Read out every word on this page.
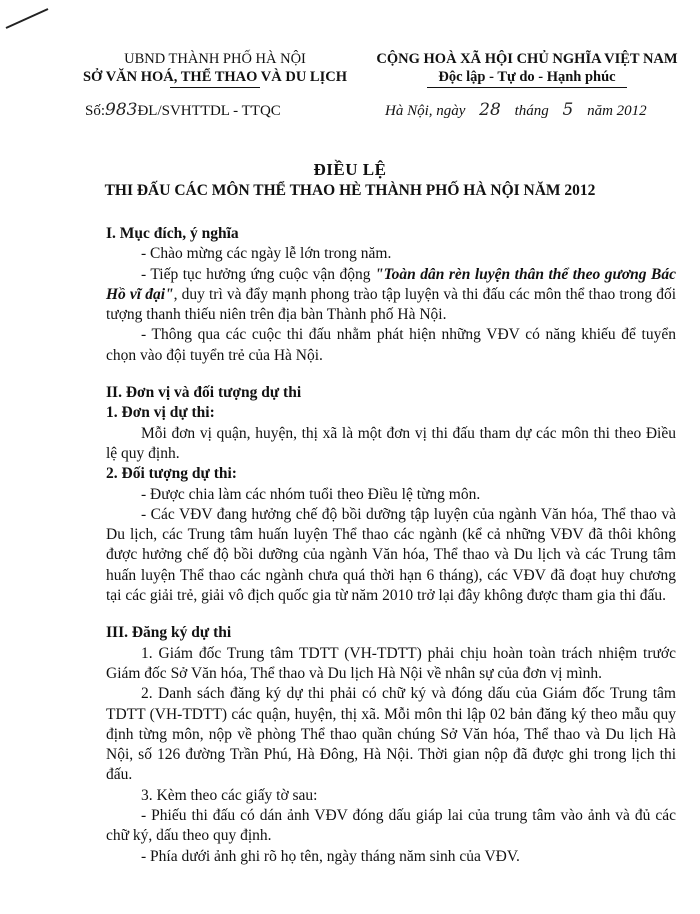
UBND THÀNH PHỐ HÀ NỘI
SỞ VĂN HOÁ, THỂ THAO VÀ DU LỊCH
CỘNG HOÀ XÃ HỘI CHỦ NGHĨA VIỆT NAM
Độc lập - Tự do - Hạnh phúc
Số:983ĐL/SVHTTDL - TTQC	Hà Nội, ngày 28 tháng 5 năm 2012
ĐIỀU LỆ
THI ĐẤU CÁC MÔN THỂ THAO HÈ THÀNH PHỐ HÀ NỘI NĂM 2012

I. Mục đích, ý nghĩa

- Chào mừng các ngày lễ lớn trong năm.

- Tiếp tục hưởng ứng cuộc vận động "Toàn dân rèn luyện thân thể theo gương Bác Hồ vĩ đại", duy trì và đẩy mạnh phong trào tập luyện và thi đấu các môn thể thao trong đối tượng thanh thiếu niên trên địa bàn Thành phố Hà Nội.

- Thông qua các cuộc thi đấu nhằm phát hiện những VĐV có năng khiếu để tuyển chọn vào đội tuyển trẻ của Hà Nội.

II. Đơn vị và đối tượng dự thi

1. Đơn vị dự thi:

Mỗi đơn vị quận, huyện, thị xã là một đơn vị thi đấu tham dự các môn thi theo Điều lệ quy định.

2. Đối tượng dự thi:

- Được chia làm các nhóm tuổi theo Điều lệ từng môn.

- Các VĐV đang hưởng chế độ bồi dưỡng tập luyện của ngành Văn hóa, Thể thao và Du lịch, các Trung tâm huấn luyện Thể thao các ngành (kể cả những VĐV đã thôi không được hưởng chế độ bồi dưỡng của ngành Văn hóa, Thể thao và Du lịch và các Trung tâm huấn luyện Thể thao các ngành chưa quá thời hạn 6 tháng), các VĐV đã đoạt huy chương tại các giải trẻ, giải vô địch quốc gia từ năm 2010 trở lại đây không được tham gia thi đấu.

III. Đăng ký dự thi

1. Giám đốc Trung tâm TDTT (VH-TDTT) phải chịu hoàn toàn trách nhiệm trước Giám đốc Sở Văn hóa, Thể thao và Du lịch Hà Nội về nhân sự của đơn vị mình.

2. Danh sách đăng ký dự thi phải có chữ ký và đóng dấu của Giám đốc Trung tâm TDTT (VH-TDTT) các quận, huyện, thị xã. Mỗi môn thi lập 02 bản đăng ký theo mẫu quy định từng môn, nộp về phòng Thể thao quần chúng Sở Văn hóa, Thể thao và Du lịch Hà Nội, số 126 đường Trần Phú, Hà Đông, Hà Nội. Thời gian nộp đã được ghi trong lịch thi đấu.

3. Kèm theo các giấy tờ sau:

- Phiếu thi đấu có dán ảnh VĐV đóng dấu giáp lai của trung tâm vào ảnh và đủ các chữ ký, dấu theo quy định.

- Phía dưới ảnh ghi rõ họ tên, ngày tháng năm sinh của VĐV.
